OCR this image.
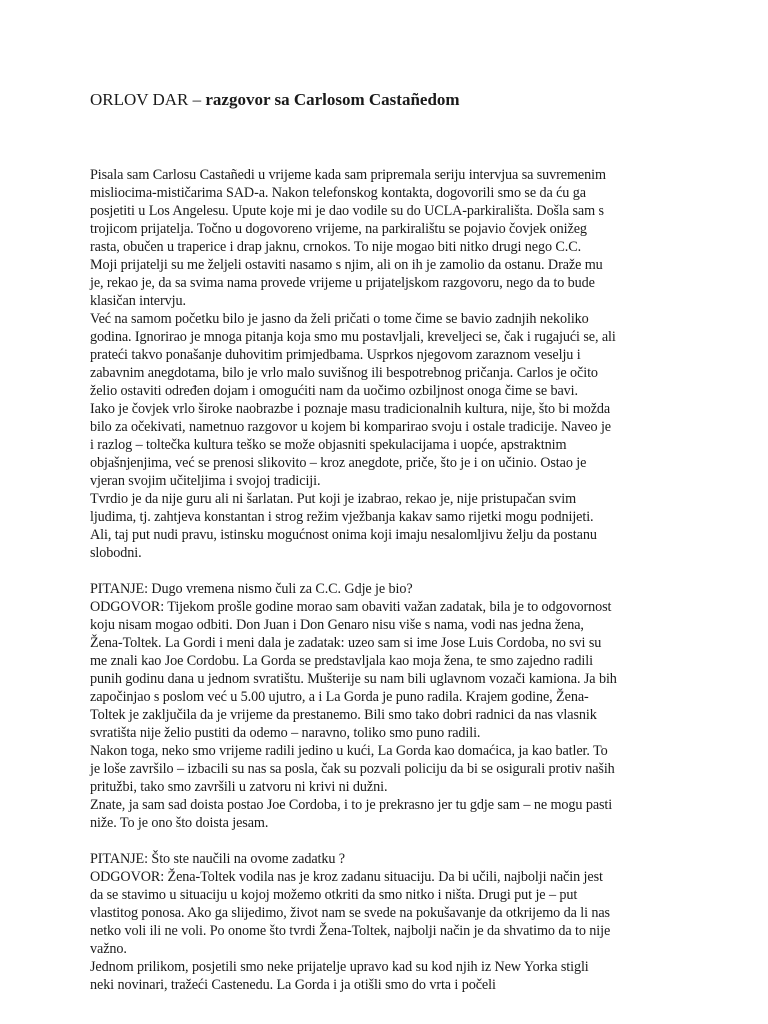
ORLOV DAR – razgovor sa Carlosom Castañedom
Pisala sam Carlosu Castañedi u vrijeme kada sam pripremala seriju intervjua sa suvremenim
misliocima-mističarima SAD-a. Nakon telefonskog kontakta, dogovorili smo se da ću ga
posjetiti u Los Angelesu. Upute koje mi je dao vodile su do UCLA-parkirališta. Došla sam s
trojicom prijatelja. Točno u dogovoreno vrijeme, na parkiralištu se pojavio čovjek onižeg
rasta, obučen u traperice i drap jaknu, crnokos. To nije mogao biti nitko drugi nego C.C.
Moji prijatelji su me željeli ostaviti nasamo s njim, ali on ih je zamolio da ostanu. Draže mu
je, rekao je, da sa svima nama provede vrijeme u prijateljskom razgovoru, nego da to bude
klasičan intervju.
Već na samom početku bilo je jasno da želi pričati o tome čime se bavio zadnjih nekoliko
godina. Ignorirao je mnoga pitanja koja smo mu postavljali, kreveljeci se, čak i rugajući se, ali
prateći takvo ponašanje duhovitim primjedbama. Usprkos njegovom zaraznom veselju i
zabavnim anegdotama, bilo je vrlo malo suvišnog ili bespotrebnog pričanja. Carlos je očito
želio ostaviti određen dojam i omogućiti nam da uočimo ozbiljnost onoga čime se bavi.
Iako je čovjek vrlo široke naobrazbe i poznaje masu tradicionalnih kultura, nije, što bi možda
bilo za očekivati, nametnuo razgovor u kojem bi komparirao svoju i ostale tradicije. Naveo je
i razlog – toltečka kultura teško se može objasniti spekulacijama i uopće, apstraktnim
objašnjenjima, već se prenosi slikovito – kroz anegdote, priče, što je i on učinio. Ostao je
vjeran svojim učiteljima i svojoj tradiciji.
Tvrdio je da nije guru ali ni šarlatan. Put koji je izabrao, rekao je, nije pristupačan svim
ljudima, tj. zahtjeva konstantan i strog režim vježbanja kakav samo rijetki mogu podnijeti.
Ali, taj put nudi pravu, istinsku mogućnost onima koji imaju nesalomljivu želju da postanu
slobodni.
PITANJE: Dugo vremena nismo čuli za C.C. Gdje je bio?
ODGOVOR: Tijekom prošle godine morao sam obaviti važan zadatak, bila je to odgovornost
koju nisam mogao odbiti. Don Juan i Don Genaro nisu više s nama, vodi nas jedna žena,
Žena-Toltek. La Gordi i meni dala je zadatak: uzeo sam si ime Jose Luis Cordoba, no svi su
me znali kao Joe Cordobu. La Gorda se predstavljala kao moja žena, te smo zajedno radili
punih godinu dana u jednom svratištu. Mušterije su nam bili uglavnom vozači kamiona. Ja bih
započinjao s poslom već u 5.00 ujutro, a i La Gorda je puno radila. Krajem godine, Žena-
Toltek je zaključila da je vrijeme da prestanemo. Bili smo tako dobri radnici da nas vlasnik
svratišta nije želio pustiti da odemo – naravno, toliko smo puno radili.
Nakon toga, neko smo vrijeme radili jedino u kući, La Gorda kao domaćica, ja kao batler. To
je loše završilo – izbacili su nas sa posla, čak su pozvali policiju da bi se osigurali protiv naših
pritužbi, tako smo završili u zatvoru ni krivi ni dužni.
Znate, ja sam sad doista postao Joe Cordoba, i to je prekrasno jer tu gdje sam – ne mogu pasti
niže. To je ono što doista jesam.
PITANJE: Što ste naučili na ovome zadatku ?
ODGOVOR: Žena-Toltek vodila nas je kroz zadanu situaciju. Da bi učili, najbolji način jest
da se stavimo u situaciju u kojoj možemo otkriti da smo nitko i ništa. Drugi put je – put
vlastitog ponosa. Ako ga slijedimo, život nam se svede na pokušavanje da otkrijemo da li nas
netko voli ili ne voli. Po onome što tvrdi Žena-Toltek, najbolji način je da shvatimo da to nije
važno.
Jednom prilikom, posjetili smo neke prijatelje upravo kad su kod njih iz New Yorka stigli
neki novinari, tražeći Castenedu. La Gorda i ja otišli smo do vrta i počeli
